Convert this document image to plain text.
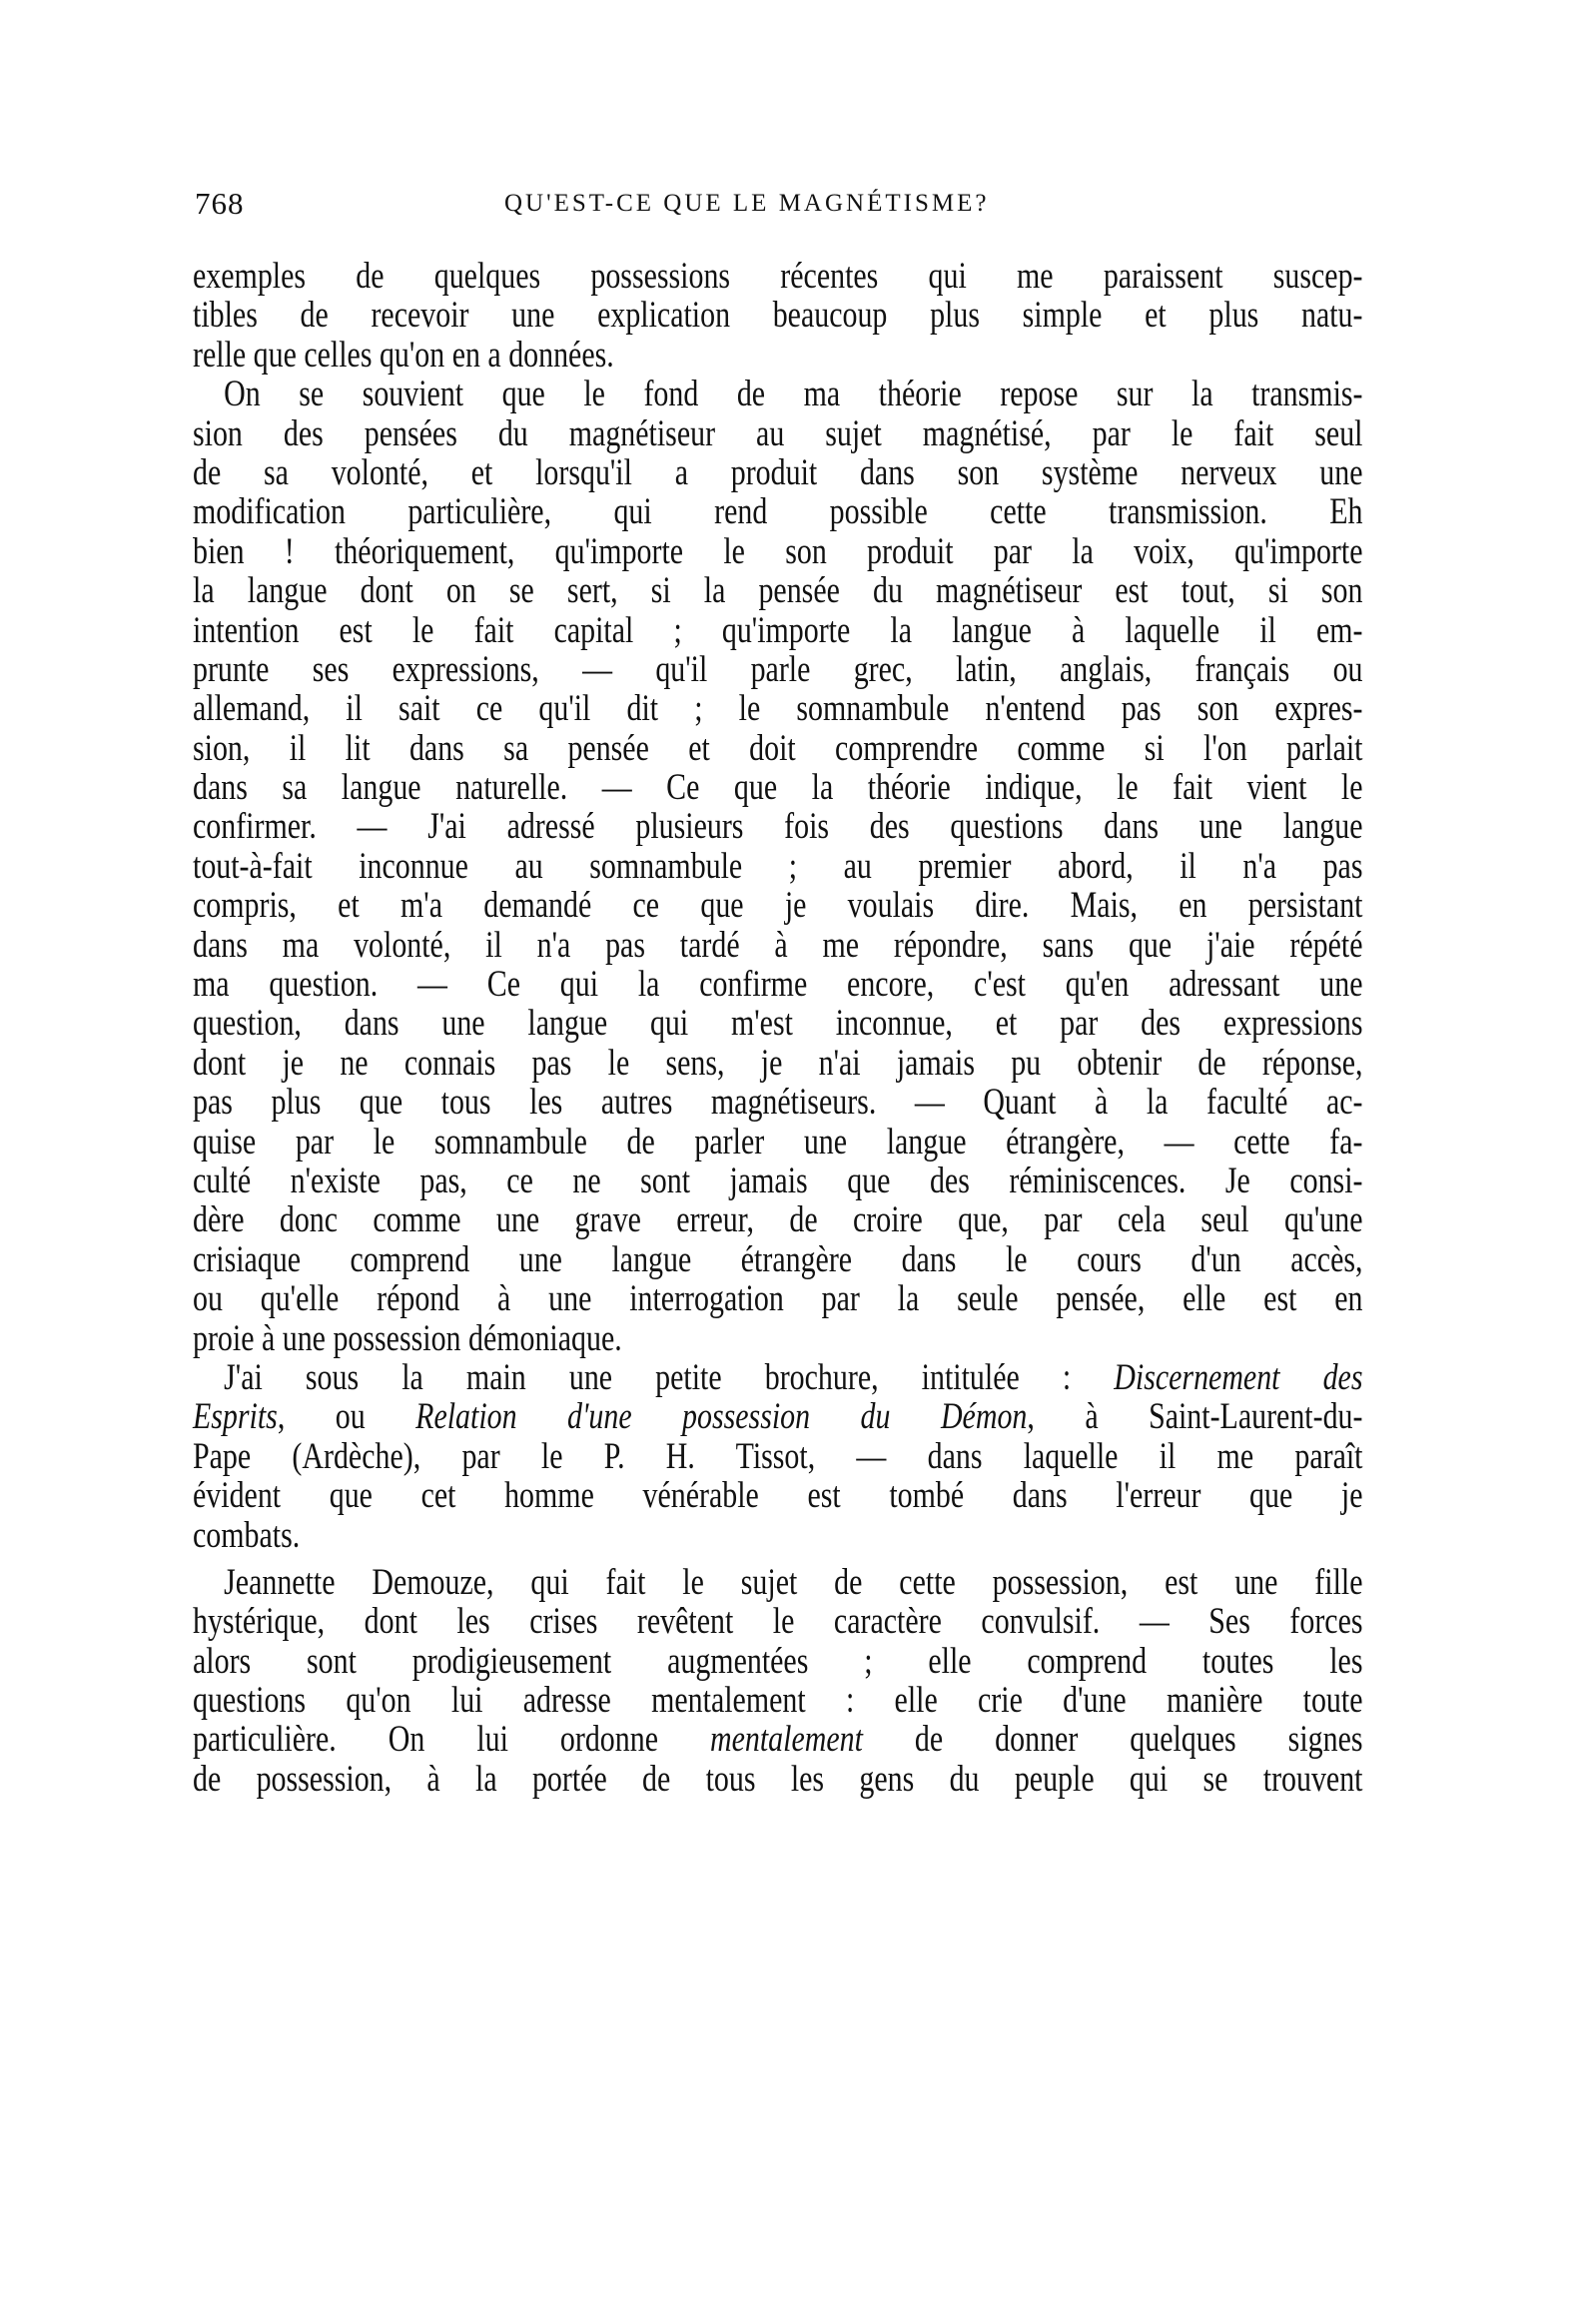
768	QU'EST-CE QUE LE MAGNÉTISME?
exemples de quelques possessions récentes qui me paraissent suscep-
tibles de recevoir une explication beaucoup plus simple et plus natu-
relle que celles qu'on en a données.
On se souvient que le fond de ma théorie repose sur la transmis-
sion des pensées du magnétiseur au sujet magnétisé, par le fait seul
de sa volonté, et lorsqu'il a produit dans son système nerveux une
modification particulière, qui rend possible cette transmission. Eh
bien ! théoriquement, qu'importe le son produit par la voix, qu'importe
la langue dont on se sert, si la pensée du magnétiseur est tout, si son
intention est le fait capital ; qu'importe la langue à laquelle il em-
prunte ses expressions, — qu'il parle grec, latin, anglais, français ou
allemand, il sait ce qu'il dit ; le somnambule n'entend pas son expres-
sion, il lit dans sa pensée et doit comprendre comme si l'on parlait
dans sa langue naturelle. — Ce que la théorie indique, le fait vient le
confirmer. — J'ai adressé plusieurs fois des questions dans une langue
tout-à-fait inconnue au somnambule ; au premier abord, il n'a pas
compris, et m'a demandé ce que je voulais dire. Mais, en persistant
dans ma volonté, il n'a pas tardé à me répondre, sans que j'aie répété
ma question. — Ce qui la confirme encore, c'est qu'en adressant une
question, dans une langue qui m'est inconnue, et par des expressions
dont je ne connais pas le sens, je n'ai jamais pu obtenir de réponse,
pas plus que tous les autres magnétiseurs. — Quant à la faculté ac-
quise par le somnambule de parler une langue étrangère, — cette fa-
culté n'existe pas, ce ne sont jamais que des réminiscences. Je consi-
dère donc comme une grave erreur, de croire que, par cela seul qu'une
crisiaque comprend une langue étrangère dans le cours d'un accès,
ou qu'elle répond à une interrogation par la seule pensée, elle est en
proie à une possession démoniaque.
J'ai sous la main une petite brochure, intitulée : Discernement des
Esprits, ou Relation d'une possession du Démon, à Saint-Laurent-du-
Pape (Ardèche), par le P. H. Tissot, — dans laquelle il me paraît
évident que cet homme vénérable est tombé dans l'erreur que je
combats.
Jeannette Demouze, qui fait le sujet de cette possession, est une fille
hystérique, dont les crises revêtent le caractère convulsif. — Ses forces
alors sont prodigieusement augmentées ; elle comprend toutes les
questions qu'on lui adresse mentalement : elle crie d'une manière toute
particulière. On lui ordonne mentalement de donner quelques signes
de possession, à la portée de tous les gens du peuple qui se trouvent
